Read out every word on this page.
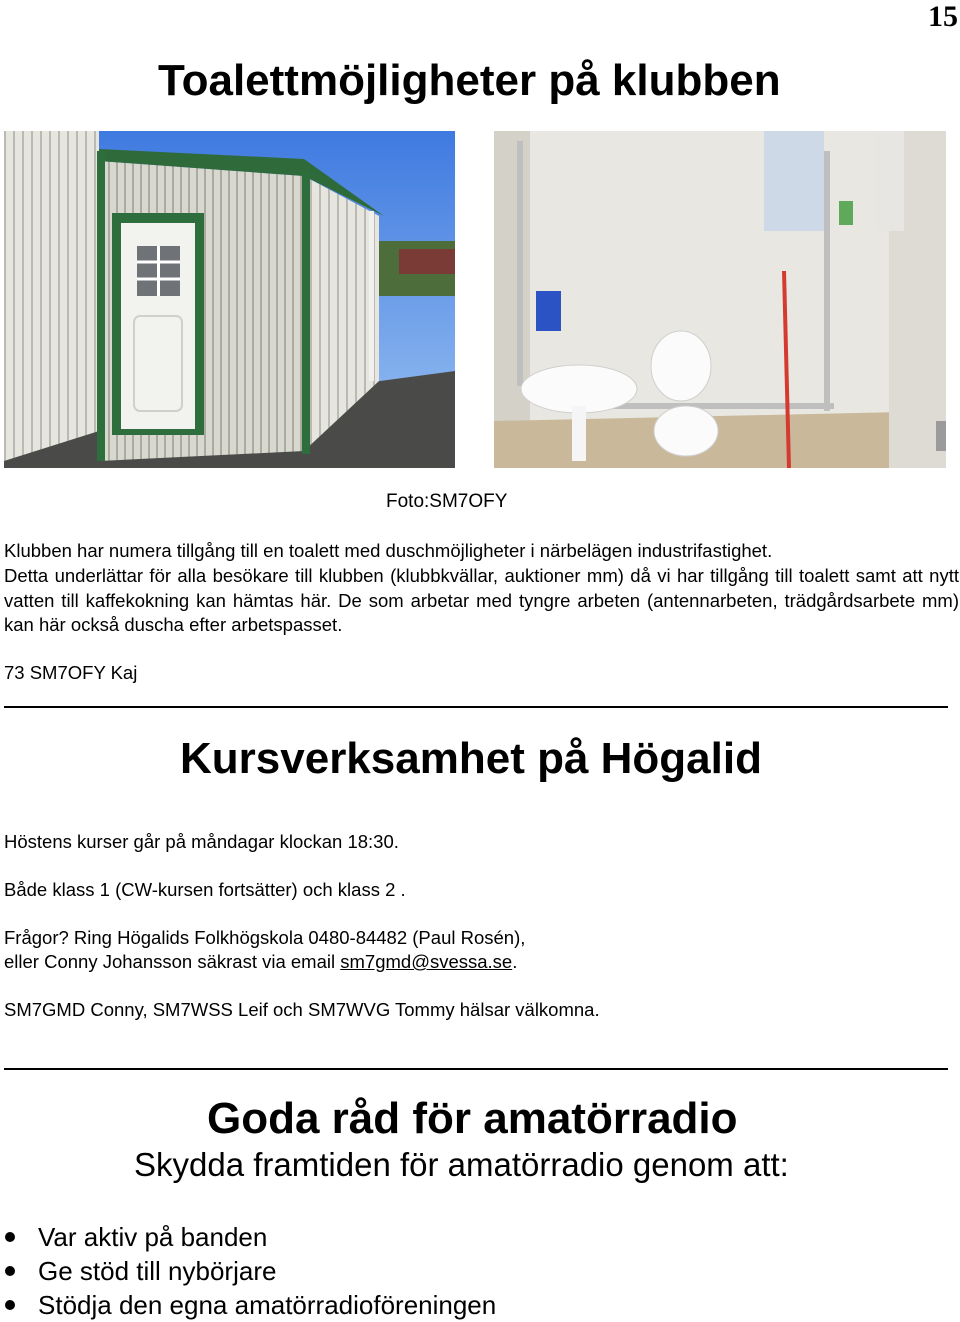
15
Toalettmöjligheter på klubben
Foto:SM7OFY
Klubben har numera tillgång till en toalett med duschmöjligheter i närbelägen industrifastighet.
Detta underlättar för alla besökare till klubben (klubbkvällar, auktioner mm) då vi har tillgång till toalett samt att nytt vatten till kaffekokning kan hämtas här. De som arbetar med tyngre arbeten (antennarbeten, trädgårdsarbete mm) kan här också duscha efter arbetspasset.
73 SM7OFY Kaj
Kursverksamhet på Högalid
Höstens kurser går på måndagar klockan 18:30.
Både klass 1 (CW-kursen fortsätter) och klass 2 .
Frågor? Ring Högalids Folkhögskola 0480-84482 (Paul Rosén),
eller Conny Johansson säkrast via email sm7gmd@svessa.se.
SM7GMD Conny, SM7WSS Leif och SM7WVG Tommy hälsar välkomna.
Goda råd för amatörradio
Skydda framtiden för amatörradio genom att:
Var aktiv på banden
Ge stöd till nybörjare
Stödja den egna amatörradioföreningen
